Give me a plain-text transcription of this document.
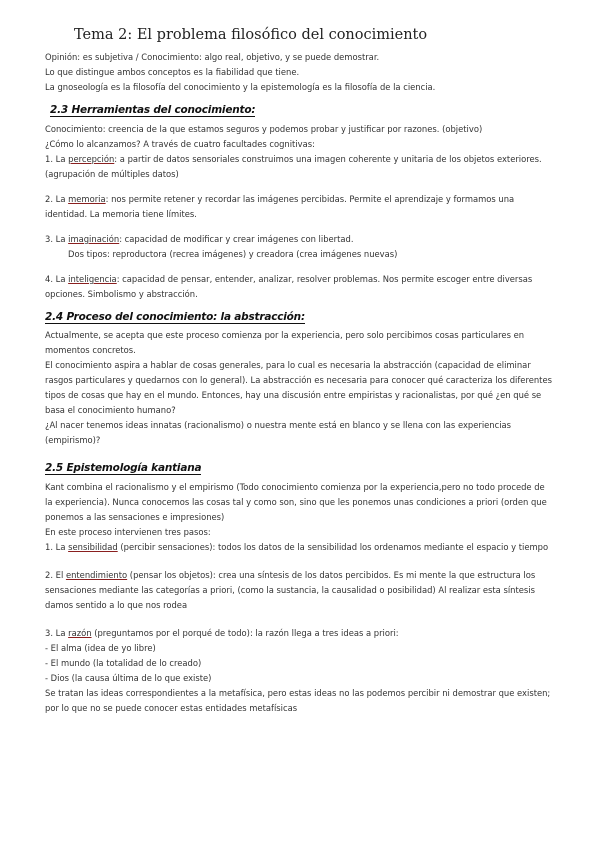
Tema 2: El problema filosófico del conocimiento
Opinión: es subjetiva / Conocimiento: algo real, objetivo, y se puede demostrar.
Lo que distingue ambos conceptos es la fiabilidad que tiene.
La gnoseología es la filosofía del conocimiento y la epistemología es la filosofía de la ciencia.
2.3 Herramientas del conocimiento:
Conocimiento: creencia de la que estamos seguros y podemos probar y justificar por razones. (objetivo)
¿Cómo lo alcanzamos? A través de cuatro facultades cognitivas:
1. La percepción: a partir de datos sensoriales construimos una imagen coherente y unitaria de los objetos exteriores.
(agrupación de múltiples datos)
2. La memoria: nos permite retener y recordar las imágenes percibidas. Permite el aprendizaje y formamos una
identidad. La memoria tiene límites.
3. La imaginación: capacidad de modificar y crear imágenes con libertad.
Dos tipos: reproductora (recrea imágenes) y creadora (crea imágenes nuevas)
4. La inteligencia: capacidad de pensar, entender, analizar, resolver problemas. Nos permite escoger entre diversas
opciones. Simbolismo y abstracción.
2.4 Proceso del conocimiento: la abstracción:
Actualmente, se acepta que este proceso comienza por la experiencia, pero solo percibimos cosas particulares en
momentos concretos.
El conocimiento aspira a hablar de cosas generales, para lo cual es necesaria la abstracción (capacidad de eliminar
rasgos particulares y quedarnos con lo general). La abstracción es necesaria para conocer qué caracteriza los diferentes
tipos de cosas que hay en el mundo. Entonces, hay una discusión entre empiristas y racionalistas, por qué ¿en qué se
basa el conocimiento humano?
¿Al nacer tenemos ideas innatas (racionalismo) o nuestra mente está en blanco y se llena con las experiencias
(empirismo)?
2.5 Epistemología kantiana
Kant combina el racionalismo y el empirismo (Todo conocimiento comienza por la experiencia,pero no todo procede de
la experiencia). Nunca conocemos las cosas tal y como son, sino que les ponemos unas condiciones a priori (orden que
ponemos a las sensaciones e impresiones)
En este proceso intervienen tres pasos:
1. La sensibilidad (percibir sensaciones): todos los datos de la sensibilidad los ordenamos mediante el espacio y tiempo
2. El entendimiento (pensar los objetos): crea una síntesis de los datos percibidos. Es mi mente la que estructura los
sensaciones mediante las categorías a priori, (como la sustancia, la causalidad o posibilidad) Al realizar esta síntesis
damos sentido a lo que nos rodea
3. La razón (preguntamos por el porqué de todo): la razón llega a tres ideas a priori:
- El alma (idea de yo libre)
- El mundo (la totalidad de lo creado)
- Dios (la causa última de lo que existe)
Se tratan las ideas correspondientes a la metafísica, pero estas ideas no las podemos percibir ni demostrar que existen;
por lo que no se puede conocer estas entidades metafísicas
